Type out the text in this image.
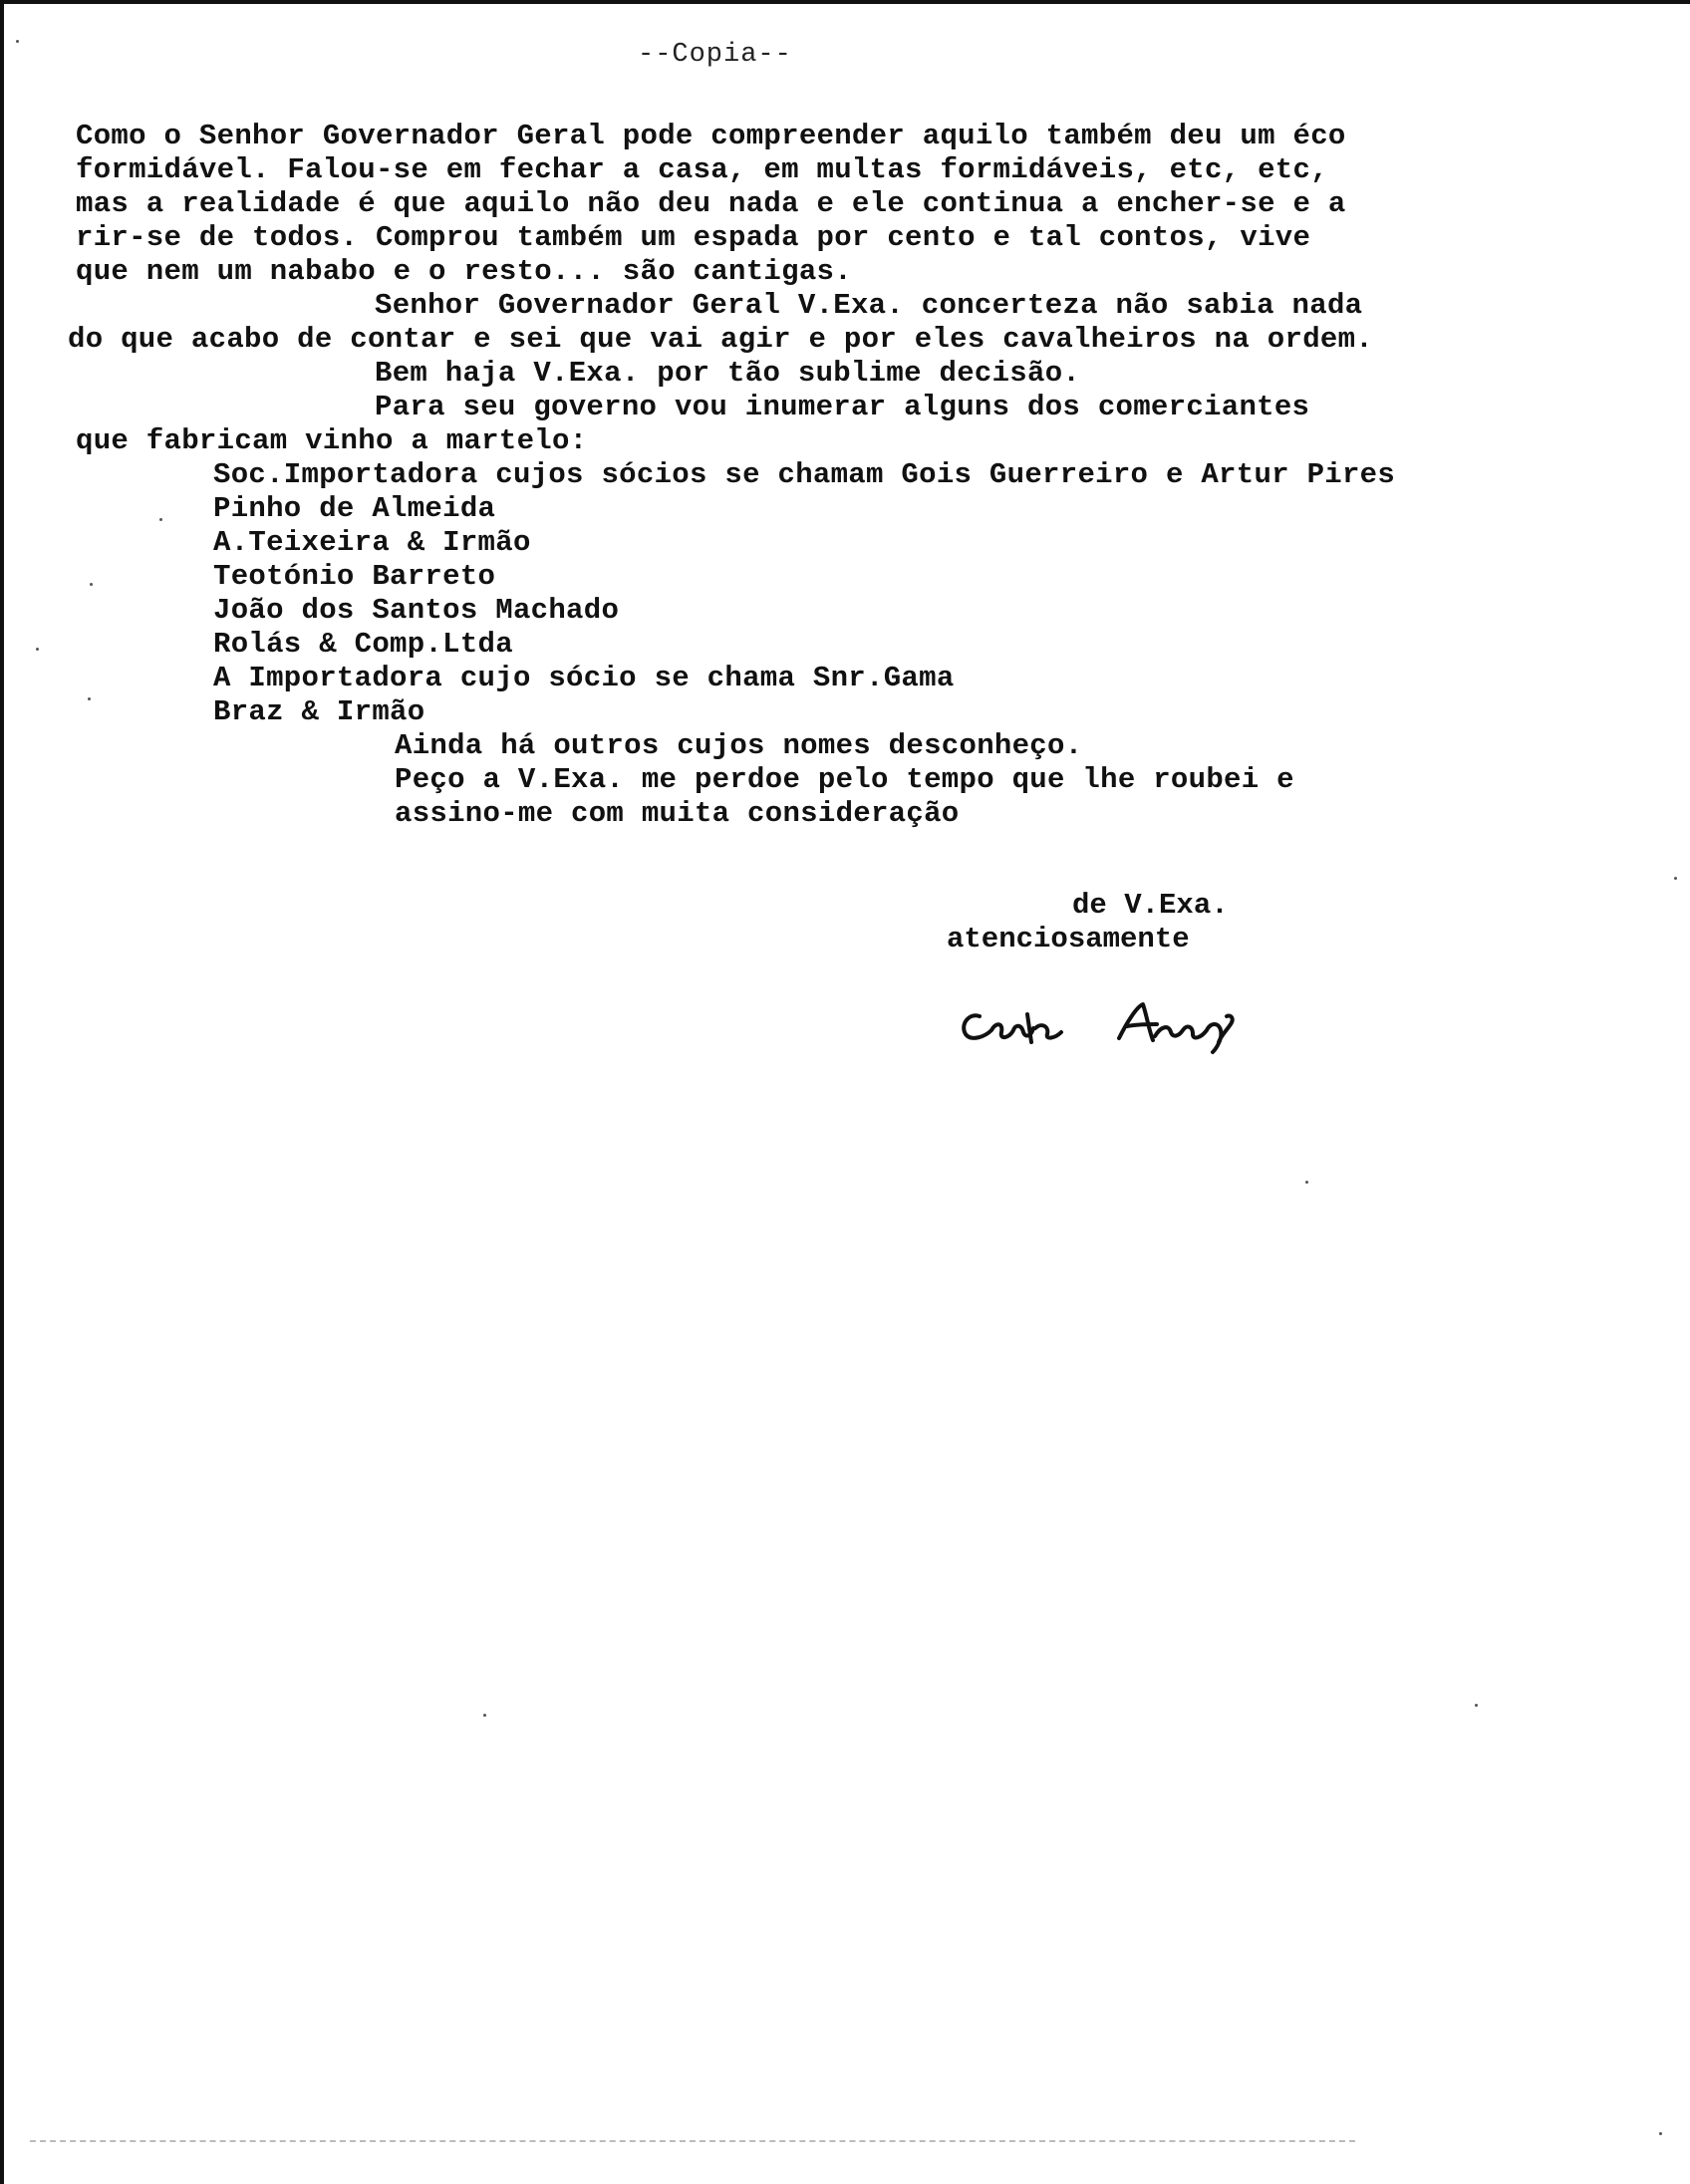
--Copia--
Como o Senhor Governador Geral pode compreender aquilo também deu um éco
formidável. Falou-se em fechar a casa, em multas formidáveis, etc, etc,
mas a realidade é que aquilo não deu nada e ele continua a encher-se e a
rir-se de todos. Comprou também um espada por cento e tal contos, vive
que nem um nababo e o resto... são cantigas.
Senhor Governador Geral V.Exa. concerteza não sabia nada
do que acabo de contar e sei que vai agir e por eles cavalheiros na ordem.
Bem haja V.Exa. por tão sublime decisão.
Para seu governo vou inumerar alguns dos comerciantes
que fabricam vinho a martelo:
Soc.Importadora cujos sócios se chamam Gois Guerreiro e Artur Pires
Pinho de Almeida
A.Teixeira & Irmão
Teotónio Barreto
João dos Santos Machado
Rolás & Comp.Ltda
A Importadora cujo sócio se chama Snr.Gama
Braz & Irmão
Ainda há outros cujos nomes desconheço.
Peço a V.Exa. me perdoe pelo tempo que lhe roubei e
assino-me com muita consideração
de V.Exa.
atenciosamente
